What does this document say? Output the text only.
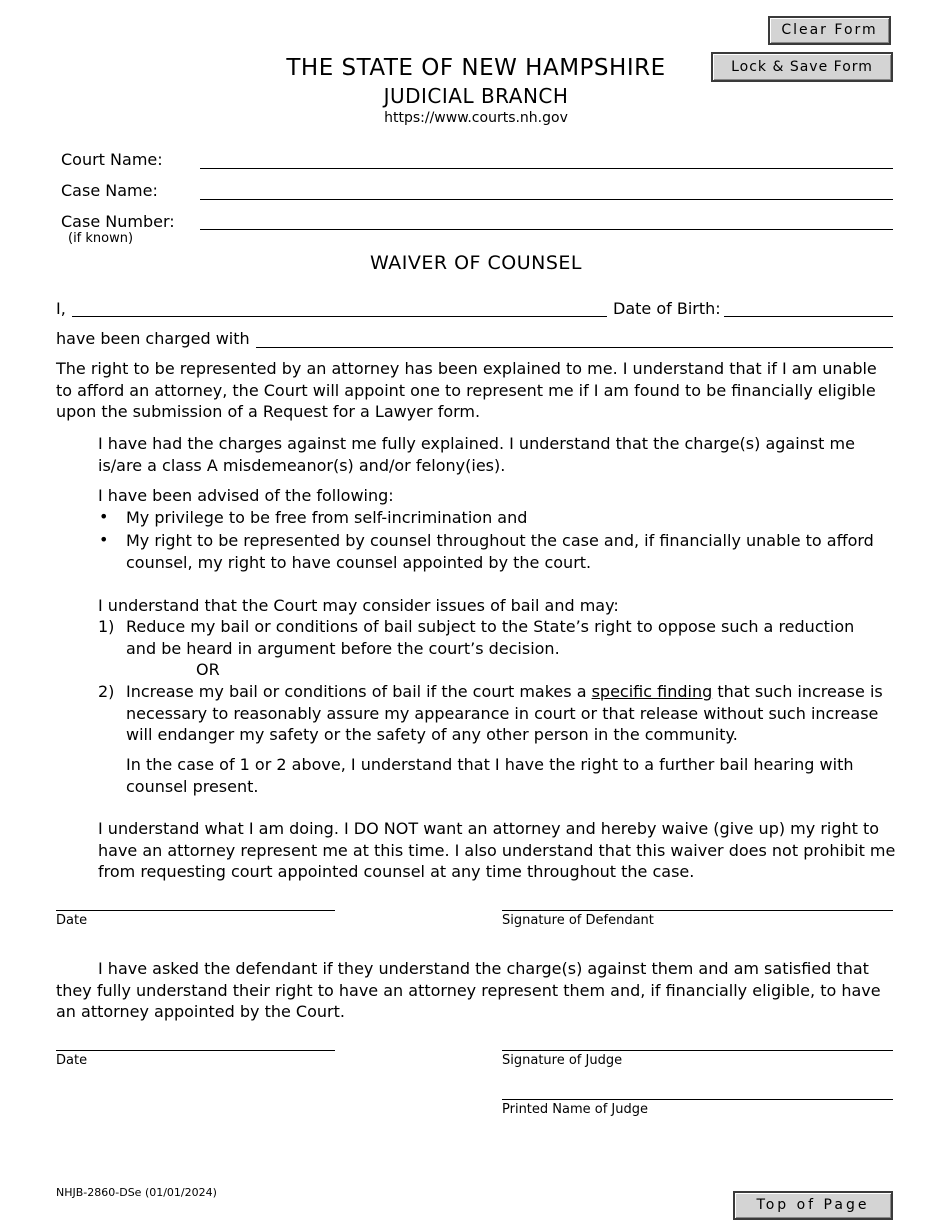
Clear Form
Lock & Save Form
THE STATE OF NEW HAMPSHIRE
JUDICIAL BRANCH
https://www.courts.nh.gov
Court Name:
Case Name:
Case Number:
(if known)
WAIVER OF COUNSEL
I,	Date of Birth:
have been charged with
The right to be represented by an attorney has been explained to me. I understand that if I am unable to afford an attorney, the Court will appoint one to represent me if I am found to be financially eligible upon the submission of a Request for a Lawyer form.
I have had the charges against me fully explained. I understand that the charge(s) against me is/are a class A misdemeanor(s) and/or felony(ies).
I have been advised of the following:
• My privilege to be free from self-incrimination and
• My right to be represented by counsel throughout the case and, if financially unable to afford counsel, my right to have counsel appointed by the court.
I understand that the Court may consider issues of bail and may:
1) Reduce my bail or conditions of bail subject to the State’s right to oppose such a reduction and be heard in argument before the court’s decision.
OR
2) Increase my bail or conditions of bail if the court makes a specific finding that such increase is necessary to reasonably assure my appearance in court or that release without such increase will endanger my safety or the safety of any other person in the community.
In the case of 1 or 2 above, I understand that I have the right to a further bail hearing with counsel present.
I understand what I am doing. I DO NOT want an attorney and hereby waive (give up) my right to have an attorney represent me at this time. I also understand that this waiver does not prohibit me from requesting court appointed counsel at any time throughout the case.
Date	Signature of Defendant
I have asked the defendant if they understand the charge(s) against them and am satisfied that they fully understand their right to have an attorney represent them and, if financially eligible, to have an attorney appointed by the Court.
Date	Signature of Judge
Printed Name of Judge
NHJB-2860-DSe (01/01/2024)
Top of Page
